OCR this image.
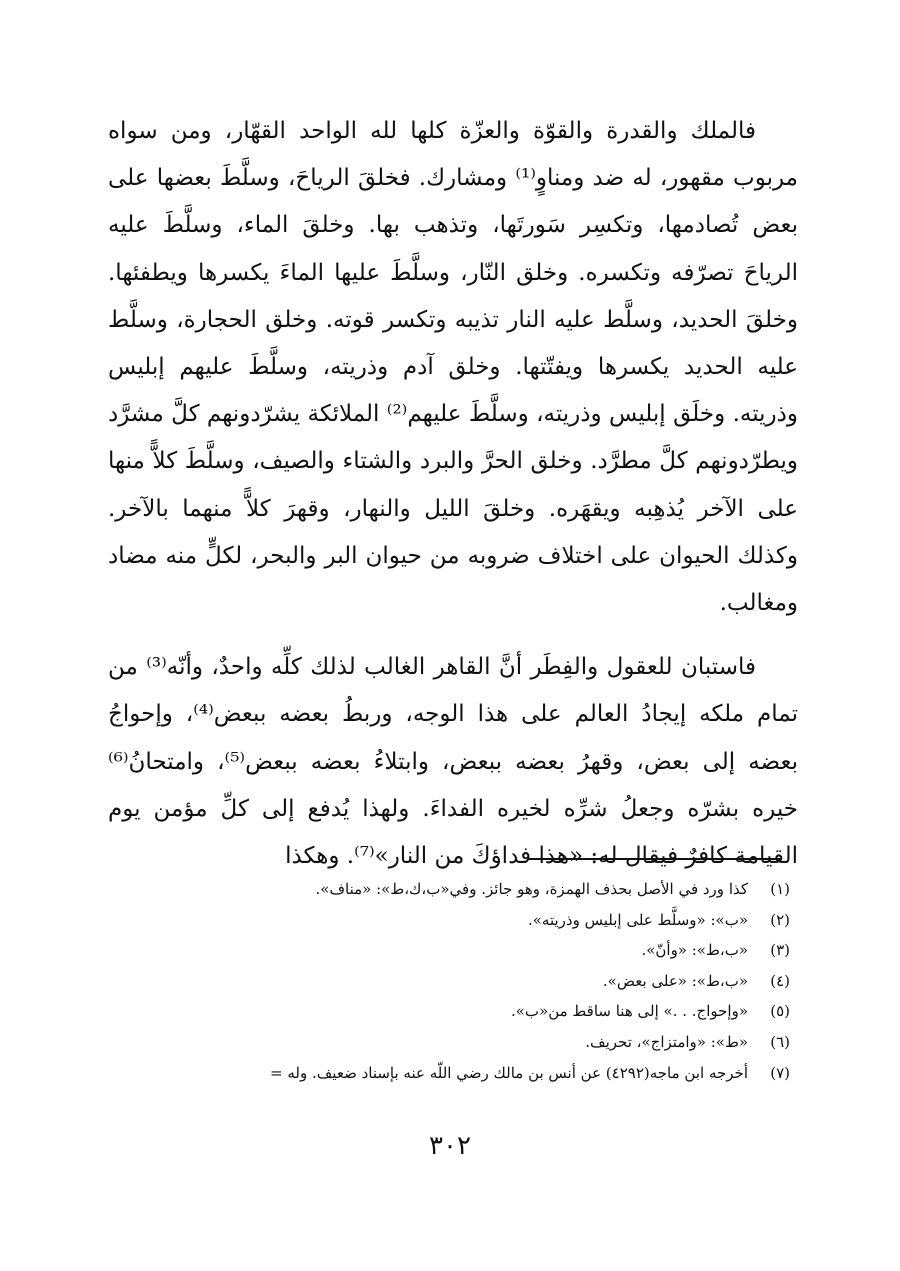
فالملك والقدرة والقوّة والعزّة كلها لله الواحد القهّار، ومن سواه مربوب مقهور، له ضد ومناوٍ⁽¹⁾ ومشارك. فخلقَ الرياحَ، وسلَّطَ بعضها على بعض تُصادمها، وتكسِر سَورتَها، وتذهب بها. وخلقَ الماء، وسلَّطَ عليه الرياحَ تصرّفه وتكسره. وخلق النّار، وسلَّطَ عليها الماءَ يكسرها ويطفئها. وخلقَ الحديد، وسلَّط عليه النار تذيبه وتكسر قوته. وخلق الحجارة، وسلَّط عليه الحديد يكسرها ويفتّتها. وخلق آدم وذريته، وسلَّطَ عليهم إبليس وذريته. وخلَق إبليس وذريته، وسلَّطَ عليهم⁽²⁾ الملائكة يشرّدونهم كلَّ مشرَّد ويطرّدونهم كلَّ مطرَّد. وخلق الحرَّ والبرد والشتاء والصيف، وسلَّطَ كلاًّ منها على الآخر يُذهِبه ويقهَره. وخلقَ الليل والنهار، وقهرَ كلاًّ منهما بالآخر. وكذلك الحيوان على اختلاف ضروبه من حيوان البر والبحر، لكلٍّ منه مضاد ومغالب.

فاستبان للعقول والفِطَر أنَّ القاهر الغالب لذلك كلِّه واحدٌ، وأنّه⁽³⁾ من تمام ملكه إيجادُ العالم على هذا الوجه، وربطُ بعضه ببعض⁽⁴⁾، وإحواجُ بعضه إلى بعض، وقهرُ بعضه ببعض، وابتلاءُ بعضه ببعض⁽⁵⁾، وامتحانُ⁽⁶⁾ خيره بشرّه وجعلُ شرِّه لخيره الفداءَ. ولهذا يُدفع إلى كلِّ مؤمن يوم القيامة كافرٌ فيقال له: «هذا فداؤكَ من النار»⁽⁷⁾. وهكذا

(١)كذا ورد في الأصل بحذف الهمزة، وهو جائز. وفي«ب،ك،ط»: «مناف».
(٢)«ب»: «وسلَّط على إبليس وذريته».
(٣)«ب،ط»: «وأنّ».
(٤)«ب،ط»: «على بعض».
(٥)«وإحواج. . .» إلى هنا ساقط من«ب».
(٦)«ط»: «وامتزاج»، تحريف.
(٧)أخرجه ابن ماجه(٤٢٩٢) عن أنس بن مالك رضي اللّه عنه بإسناد ضعيف. وله =
٣٠٢
